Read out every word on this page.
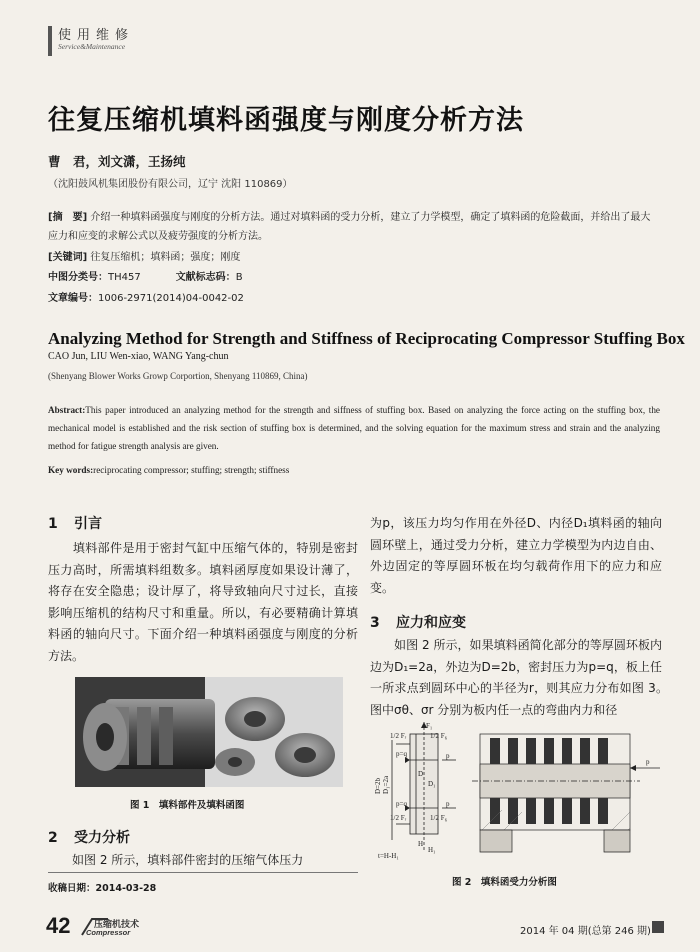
使用维修
Service&Maintenance
往复压缩机填料函强度与刚度分析方法
曹　君，刘文潇，王扬纯
（沈阳鼓风机集团股份有限公司，辽宁 沈阳 110869）
[摘　要] 介绍一种填料函强度与刚度的分析方法。通过对填料函的受力分析，建立了力学模型，确定了填料函的危险截面，并给出了最大应力和应变的求解公式以及疲劳强度的分析方法。
[关键词] 往复压缩机；填料函；强度；刚度
中图分类号：TH457	文献标志码：B
文章编号：1006-2971(2014)04-0042-02
Analyzing Method for Strength and Stiffness of Reciprocating Compressor Stuffing Box
CAO Jun, LIU Wen-xiao, WANG Yang-chun
(Shenyang Blower Works Growp Corportion, Shenyang 110869, China)
Abstract:This paper introduced an analyzing method for the strength and siffness of stuffing box. Based on analyzing the force acting on the stuffing box, the mechanical model is established and the risk section of stuffing box is determined, and the solving equation for the maximum stress and strain and the analyzing method for fatigue strength analysis are given.
Key words:reciprocating compressor; stuffing; strength; stiffness
1 引言
　　填料部件是用于密封气缸中压缩气体的，特别是密封压力高时，所需填料组数多。填料函厚度如果设计薄了，将存在安全隐患；设计厚了，将导致轴向尺寸过长，直接影响压缩机的结构尺寸和重量。所以，有必要精确计算填料函的轴向尺寸。下面介绍一种填料函强度与刚度的分析方法。
图 1　填料部件及填料函图
2 受力分析
　　如图 2 所示，填料部件密封的压缩气体压力
收稿日期：2014-03-28
为p，该压力均匀作用在外径D、内径D₁填料函的轴向圆环壁上，通过受力分析，建立力学模型为内边自由、外边固定的等厚圆环板在均匀载荷作用下的应力和应变。
3 应力和应变
　　如图 2 所示，如果填料函简化部分的等厚圆环板内边为D₁=2a，外边为D=2b，密封压力为p=q，板上任一所求点到圆环中心的半径为r，则其应力分布如图 3。　　图中σθ、σr 分别为板内任一点的弯曲内力和径
F₁
1/2 Fᵣ	1/2 F₆
p=q	p
D
D₁
p=q	p
1/2 Fᵣ	1/2 F₆
H
H₁
t=H-H₁
D=2b D₁=2a
p
图 2　填料函受力分析图
42	压缩机技术
Compressor	2014 年 04 期(总第 246 期)
